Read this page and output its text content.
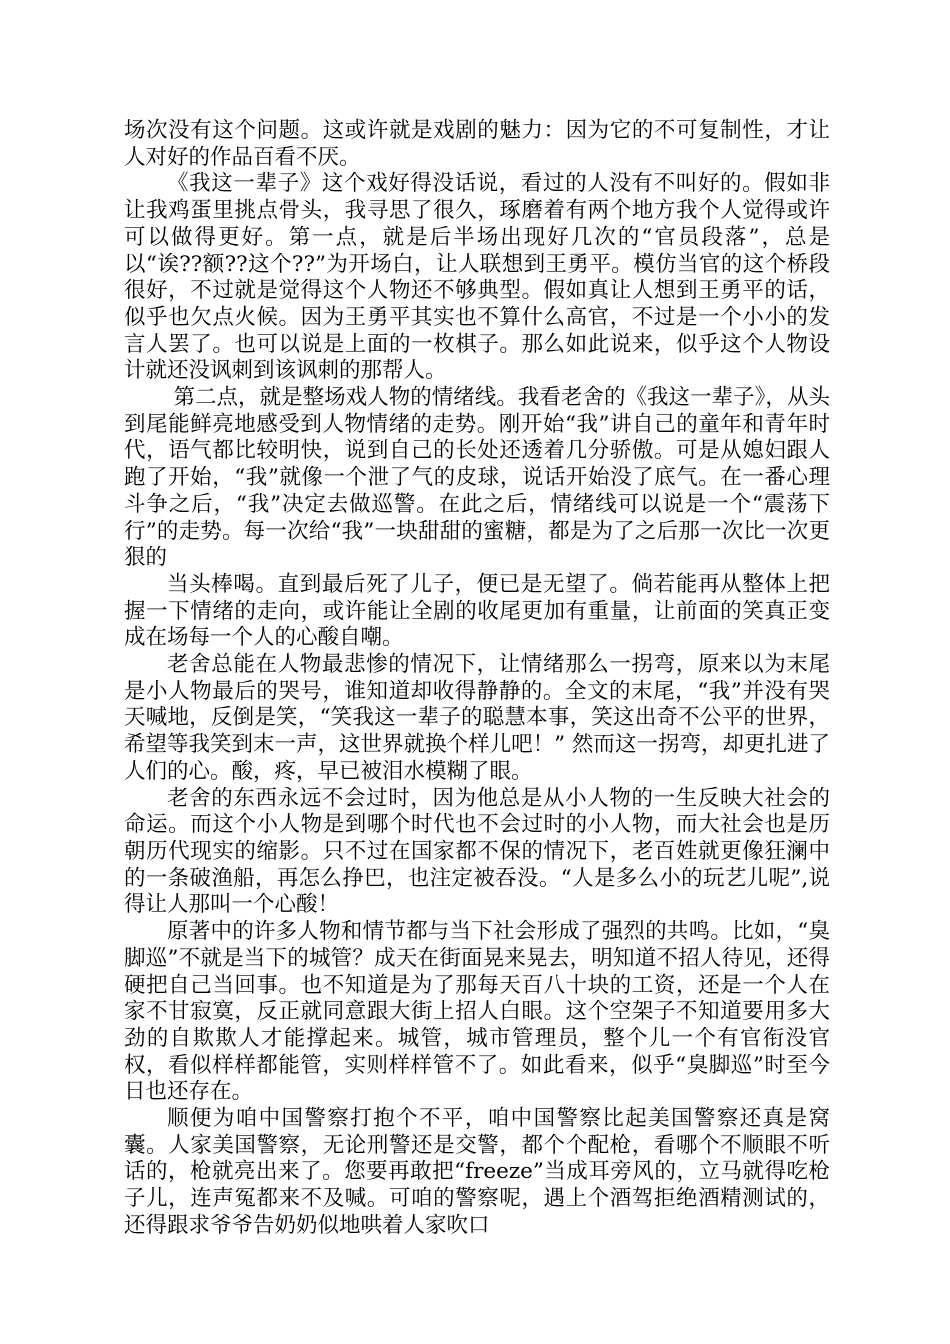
场次没有这个问题。这或许就是戏剧的魅力：因为它的不可复制性，才让人对好的作品百看不厌。

《我这一辈子》这个戏好得没话说，看过的人没有不叫好的。假如非让我鸡蛋里挑点骨头，我寻思了很久，琢磨着有两个地方我个人觉得或许可以做得更好。第一点，就是后半场出现好几次的“官员段落”，总是以“诶??额??这个??”为开场白，让人联想到王勇平。模仿当官的这个桥段很好，不过就是觉得这个人物还不够典型。假如真让人想到王勇平的话，似乎也欠点火候。因为王勇平其实也不算什么高官，不过是一个小小的发言人罢了。也可以说是上面的一枚棋子。那么如此说来，似乎这个人物设计就还没讽刺到该讽刺的那帮人。

第二点，就是整场戏人物的情绪线。我看老舍的《我这一辈子》，从头到尾能鲜亮地感受到人物情绪的走势。刚开始“我”讲自己的童年和青年时代，语气都比较明快，说到自己的长处还透着几分骄傲。可是从媳妇跟人跑了开始，“我”就像一个泄了气的皮球，说话开始没了底气。在一番心理斗争之后，“我”决定去做巡警。在此之后，情绪线可以说是一个“震荡下行”的走势。每一次给“我”一块甜甜的蜜糖，都是为了之后那一次比一次更狠的

当头棒喝。直到最后死了儿子，便已是无望了。倘若能再从整体上把握一下情绪的走向，或许能让全剧的收尾更加有重量，让前面的笑真正变成在场每一个人的心酸自嘲。

老舍总能在人物最悲惨的情况下，让情绪那么一拐弯，原来以为末尾是小人物最后的哭号，谁知道却收得静静的。全文的末尾，“我”并没有哭天喊地，反倒是笑，“笑我这一辈子的聪慧本事，笑这出奇不公平的世界，希望等我笑到末一声，这世界就换个样儿吧！” 然而这一拐弯，却更扎进了人们的心。酸，疼，早已被泪水模糊了眼。

老舍的东西永远不会过时，因为他总是从小人物的一生反映大社会的命运。而这个小人物是到哪个时代也不会过时的小人物，而大社会也是历朝历代现实的缩影。只不过在国家都不保的情况下，老百姓就更像狂澜中的一条破渔船，再怎么挣巴，也注定被吞没。“人是多么小的玩艺儿呢”,说得让人那叫一个心酸！

原著中的许多人物和情节都与当下社会形成了强烈的共鸣。比如，“臭脚巡”不就是当下的城管？成天在街面晃来晃去，明知道不招人待见，还得硬把自己当回事。也不知道是为了那每天百八十块的工资，还是一个人在家不甘寂寞，反正就同意跟大街上招人白眼。这个空架子不知道要用多大劲的自欺欺人才能撑起来。城管，城市管理员，整个儿一个有官衔没官权，看似样样都能管，实则样样管不了。如此看来，似乎“臭脚巡”时至今日也还存在。

顺便为咱中国警察打抱个不平，咱中国警察比起美国警察还真是窝囊。人家美国警察，无论刑警还是交警，都个个配枪，看哪个不顺眼不听话的，枪就亮出来了。您要再敢把“freeze”当成耳旁风的，立马就得吃枪子儿，连声冤都来不及喊。可咱的警察呢，遇上个酒驾拒绝酒精测试的，还得跟求爷爷告奶奶似地哄着人家吹口
